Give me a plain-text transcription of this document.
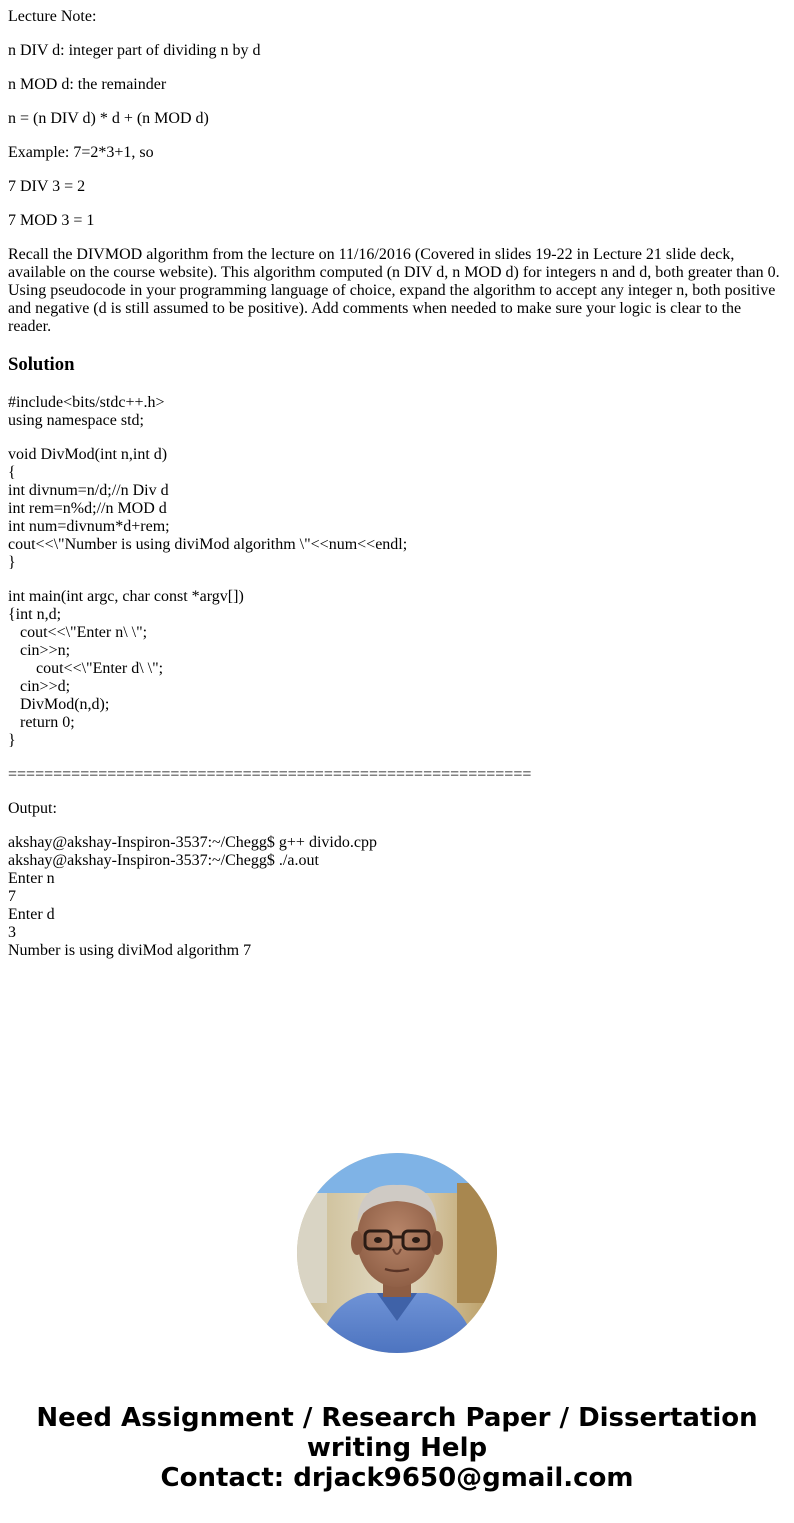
Lecture Note:

n DIV d: integer part of dividing n by d

n MOD d: the remainder

n = (n DIV d) * d + (n MOD d)

Example: 7=2*3+1, so

7 DIV 3 = 2

7 MOD 3 = 1

Recall the DIVMOD algorithm from the lecture on 11/16/2016 (Covered in slides 19-22 in Lecture 21 slide deck, available on the course website). This algorithm computed (n DIV d, n MOD d) for integers n and d, both greater than 0. Using pseudocode in your programming language of choice, expand the algorithm to accept any integer n, both positive and negative (d is still assumed to be positive). Add comments when needed to make sure your logic is clear to the reader.

Solution
#include<bits/stdc++.h>
using namespace std;
void DivMod(int n,int d)
{
int divnum=n/d;//n Div d
int rem=n%d;//n MOD d
int num=divnum*d+rem;
cout<<\"Number is using diviMod algorithm \"<<num<<endl;
}
int main(int argc, char const *argv[])
{int n,d;
cout<<\"Enter n\ \";
cin>>n;
cout<<\"Enter d\ \";
cin>>d;
DivMod(n,d);
return 0;
}
==========================================================

Output:

akshay@akshay-Inspiron-3537:~/Chegg$ g++ divido.cpp
akshay@akshay-Inspiron-3537:~/Chegg$ ./a.out
Enter n
7
Enter d
3
Number is using diviMod algorithm 7
Need Assignment / Research Paper / Dissertation
writing Help
Contact: drjack9650@gmail.com
